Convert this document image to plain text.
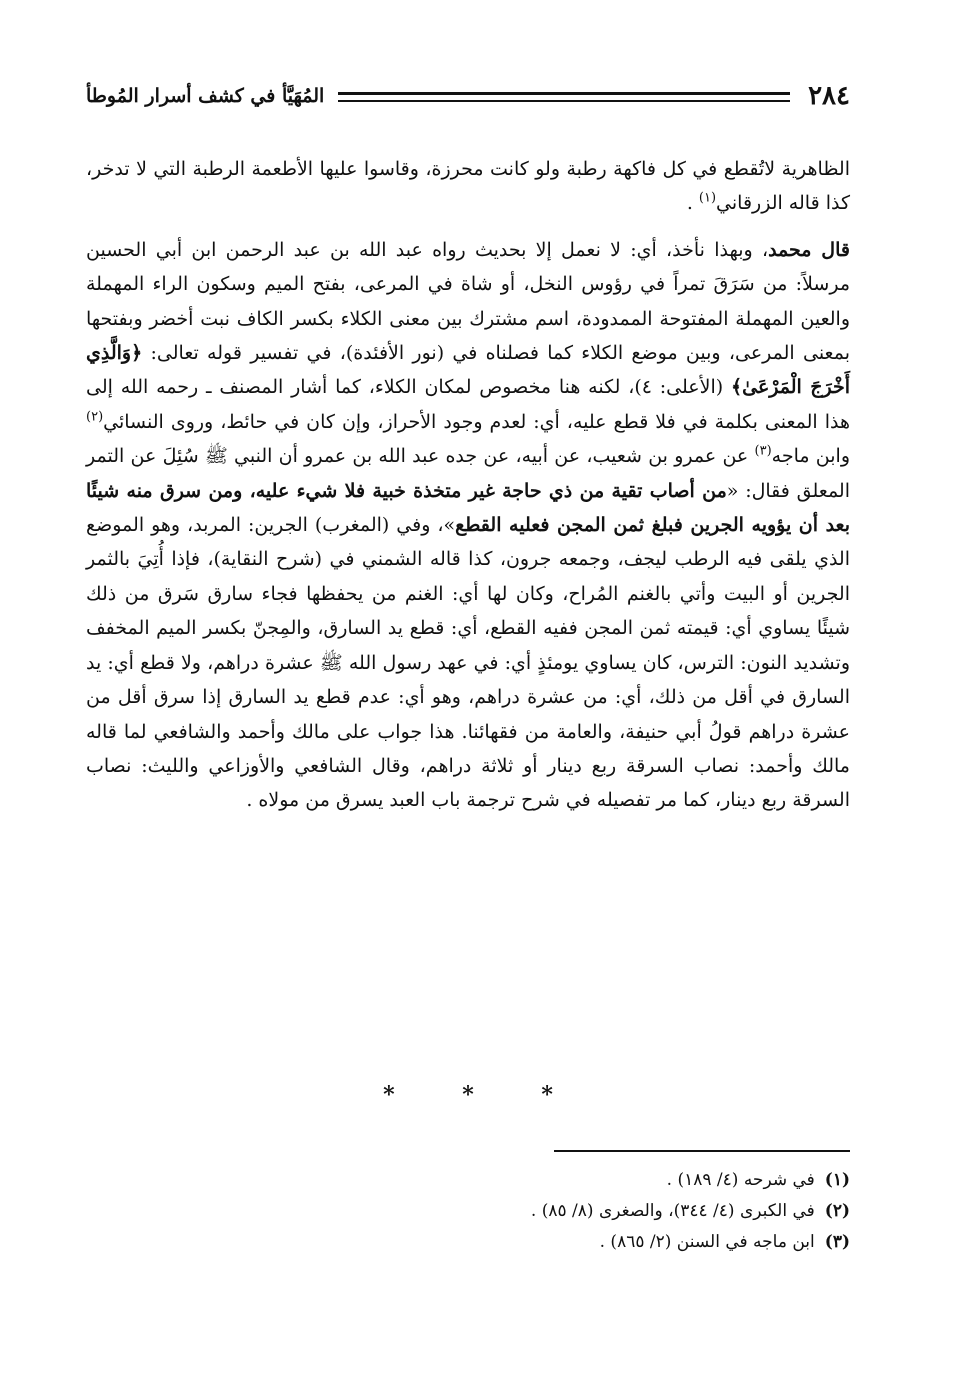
٢٨٤
المُهَيَّأ في كشف أسرار المُوطأ

الظاهرية لاتُقطع في كل فاكهة رطبة ولو كانت محرزة، وقاسوا عليها الأطعمة الرطبة التي لا تدخر، كذا قاله الزرقاني$^{(١)}$ .

قال محمد، وبهذا نأخذ، أي: لا نعمل إلا بحديث رواه عبد الله بن عبد الرحمن ابن أبي الحسين مرسلاً: من سَرَقَ تمراً في رؤوس النخل، أو شاة في المرعى، بفتح الميم وسكون الراء المهملة والعين المهملة المفتوحة الممدودة، اسم مشترك بين معنى الكلاء بكسر الكاف نبت أخضر وبفتحها بمعنى المرعى، وبين موضع الكلاء كما فصلناه في (نور الأفئدة)، في تفسير قوله تعالى: ﴿وَالَّذِي أَخْرَجَ الْمَرْعَىٰ﴾ (الأعلى: ٤)، لكنه هنا مخصوص لمكان الكلاء، كما أشار المصنف ـ رحمه الله إلى هذا المعنى بكلمة في فلا قطع عليه، أي: لعدم وجود الأحراز، وإن كان في حائط، وروى النسائي$^{(٢)}$ وابن ماجه$^{(٣)}$ عن عمرو بن شعيب، عن أبيه، عن جده عبد الله بن عمرو أن النبي ﷺ سُئِلَ عن التمر المعلق فقال: «من أصاب تقية من ذي حاجة غير متخذة خبية فلا شيء عليه، ومن سرق منه شيئًا بعد أن يؤويه الجرين فبلغ ثمن المجن فعليه القطع»، وفي (المغرب) الجرين: المربد، وهو الموضع الذي يلقى فيه الرطب ليجف، وجمعه جرون، كذا قاله الشمني في (شرح النقاية)، فإذا أُتِيَ بالثمر الجرين أو البيت وأتي بالغنم المُراح، وكان لها أي: الغنم من يحفظها فجاء سارق سَرق من ذلك شيئًا يساوي أي: قيمته ثمن المجن ففيه القطع، أي: قطع يد السارق، والمِجنّ بكسر الميم المخفف وتشديد النون: الترس، كان يساوي يومئذٍ أي: في عهد رسول الله ﷺ عشرة دراهم، ولا قطع أي: يد السارق في أقل من ذلك، أي: من عشرة دراهم، وهو أي: عدم قطع يد السارق إذا سرق أقل من عشرة دراهم قولُ أبي حنيفة، والعامة من فقهائنا. هذا جواب على مالك وأحمد والشافعي لما قاله مالك وأحمد: نصاب السرقة ربع دينار أو ثلاثة دراهم، وقال الشافعي والأوزاعي والليث: نصاب السرقة ربع دينار، كما مر تفصيله في شرح ترجمة باب العبد يسرق من مولاه .

* * *
(١)
في شرحه (٤/ ١٨٩) .
(٢)
في الكبرى (٤/ ٣٤٤)، والصغرى (٨/ ٨٥) .
(٣)
ابن ماجه في السنن (٢/ ٨٦٥) .
